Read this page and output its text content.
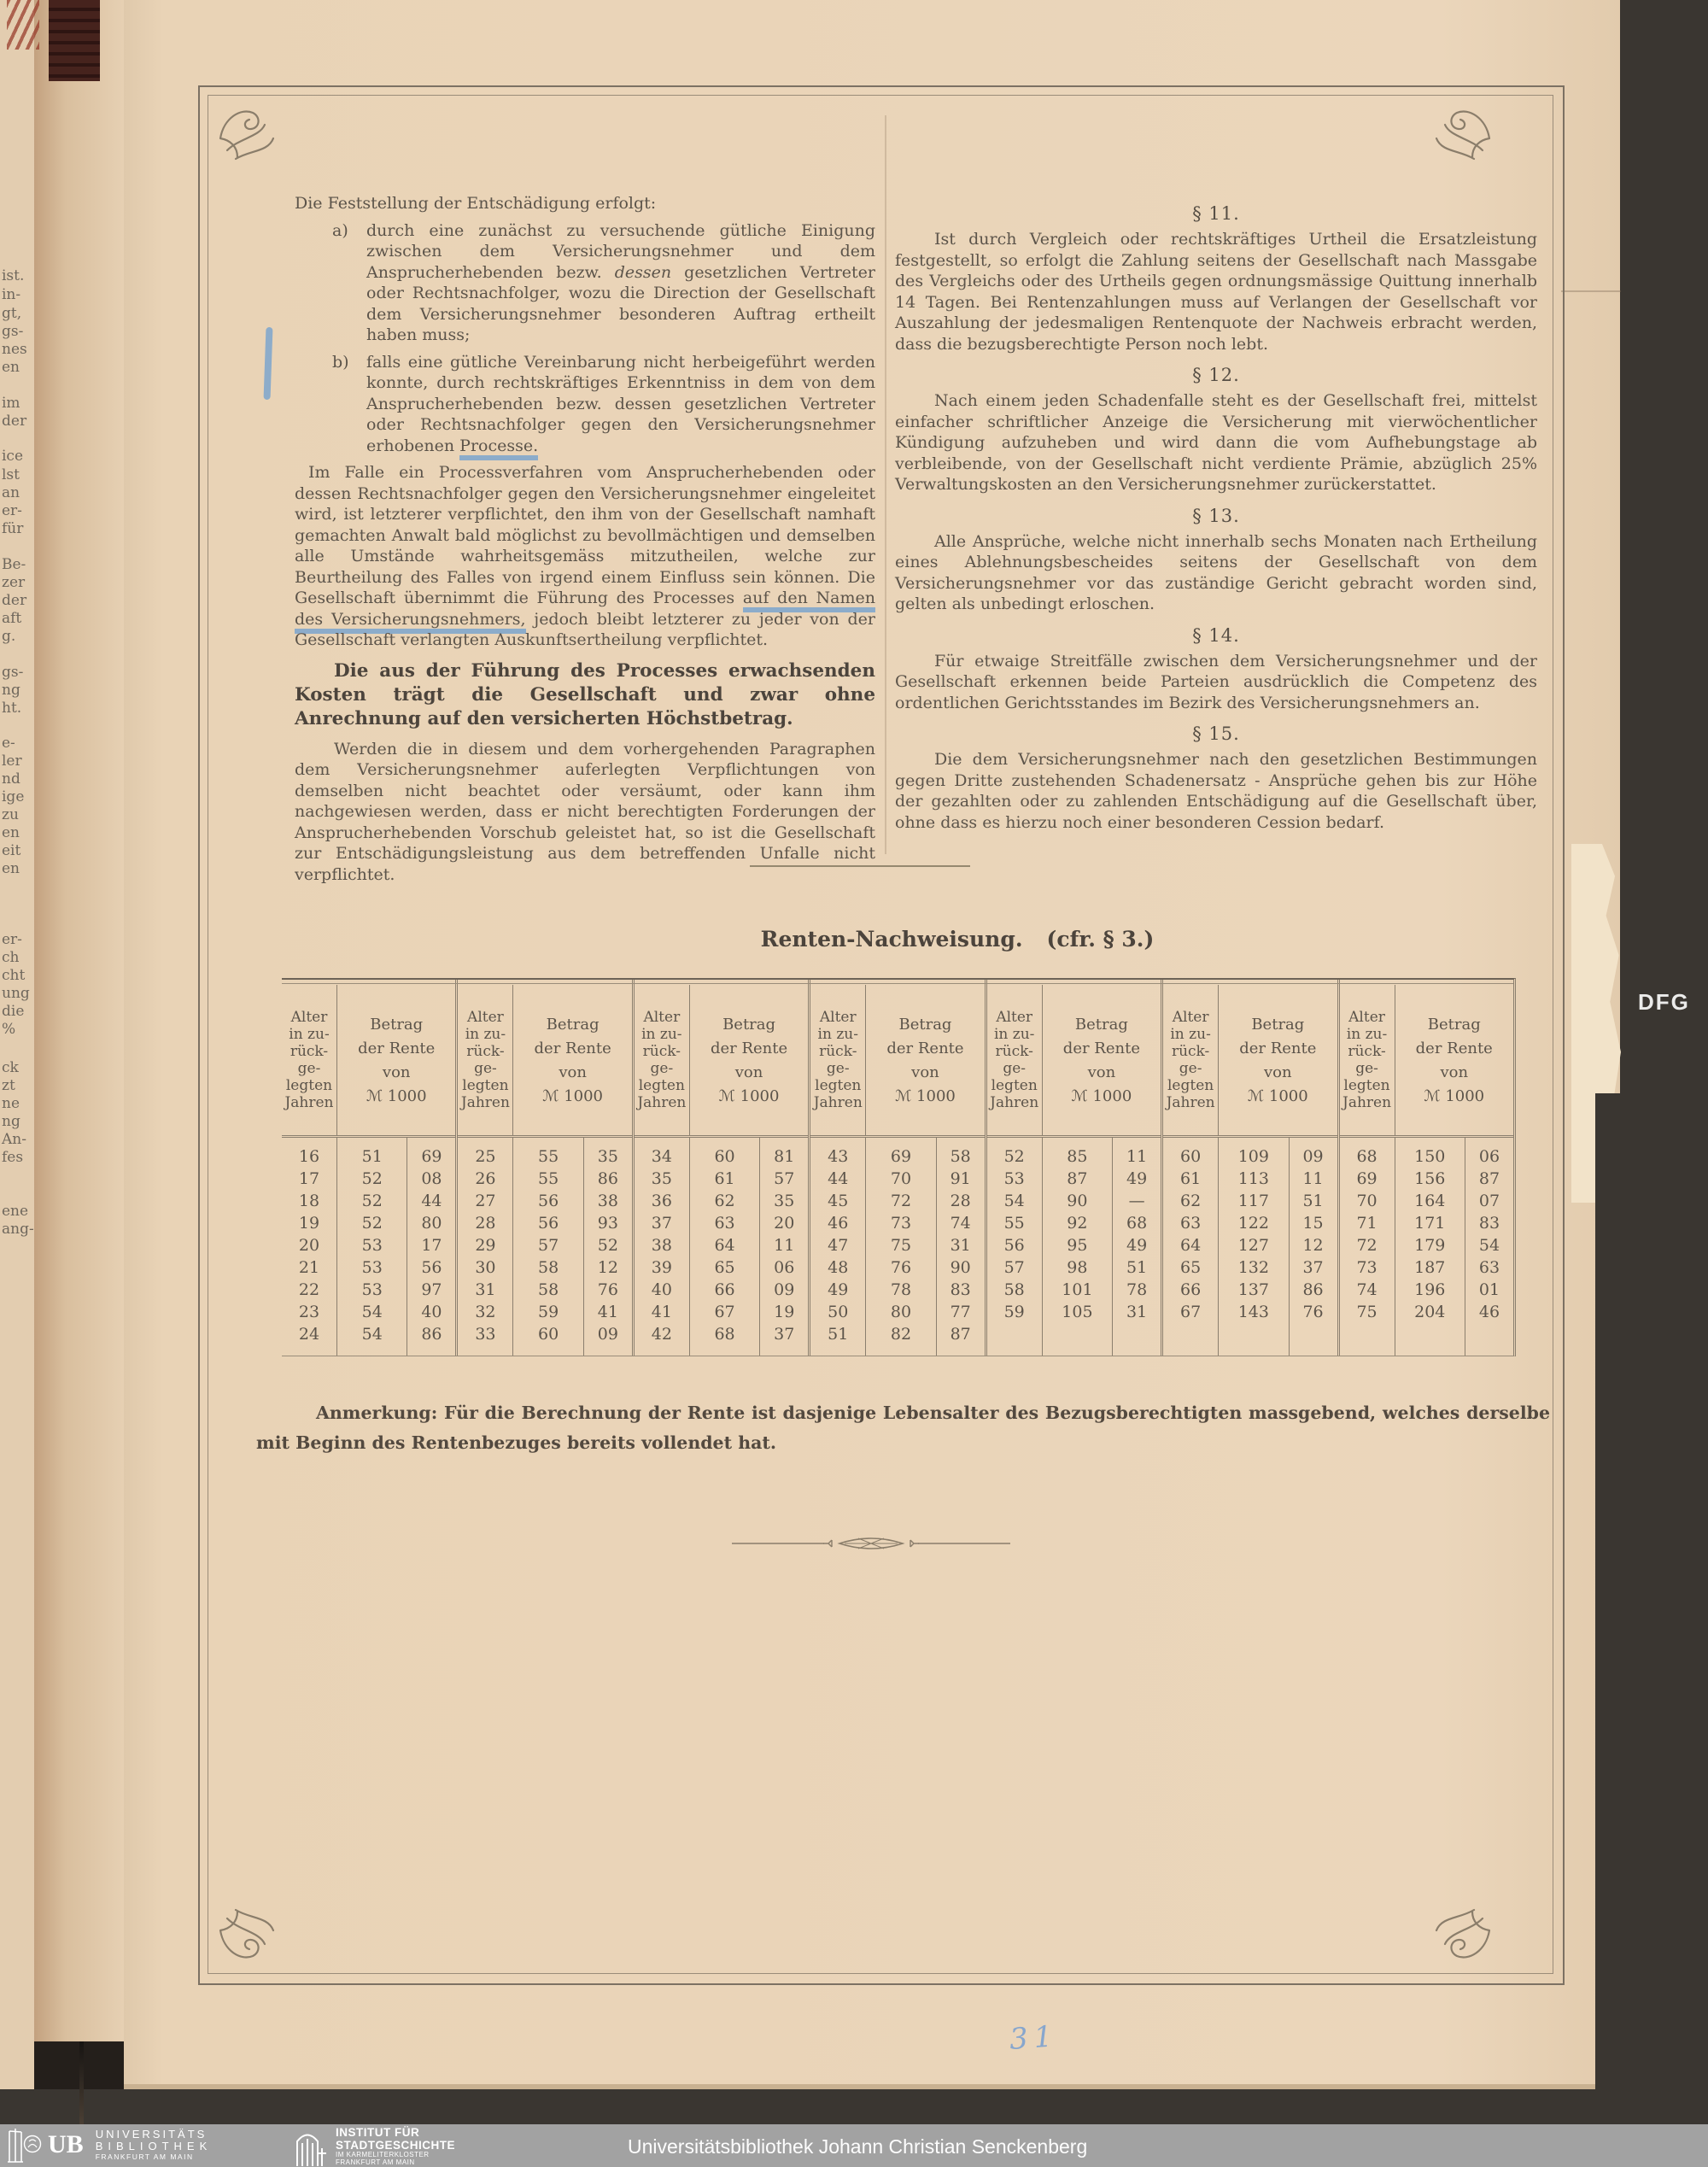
ist.
in-
gt,
gs-
nes
en
im
der
ice
lst
an
er-
für
Be-
zer
der
aft
g.
gs-
ng
ht.
e-
ler
nd
ige
zu
en
eit
en
er-
ch
cht
ung
die
%
ck
zt
ne
ng
An-
fes
ene
ang-

Die Feststellung der Entschädigung erfolgt:

a) durch eine zunächst zu versuchende gütliche Einigung zwischen dem Versicherungsnehmer und dem Ansprucherhebenden bezw. dessen gesetzlichen Vertreter oder Rechtsnachfolger, wozu die Direction der Gesellschaft dem Versicherungsnehmer besonderen Auftrag ertheilt haben muss;

b) falls eine gütliche Vereinbarung nicht herbeigeführt werden konnte, durch rechtskräftiges Erkenntniss in dem von dem Ansprucherhebenden bezw. dessen gesetzlichen Vertreter oder Rechtsnachfolger gegen den Versicherungsnehmer erhobenen Processe.

Im Falle ein Processverfahren vom Ansprucherhebenden oder dessen Rechtsnachfolger gegen den Versicherungsnehmer eingeleitet wird, ist letzterer verpflichtet, den ihm von der Gesellschaft namhaft gemachten Anwalt bald möglichst zu bevollmächtigen und demselben alle Umstände wahrheitsgemäss mitzutheilen, welche zur Beurtheilung des Falles von irgend einem Einfluss sein können. Die Gesellschaft übernimmt die Führung des Processes auf den Namen des Versicherungsnehmers, jedoch bleibt letzterer zu jeder von der Gesellschaft verlangten Auskunftsertheilung verpflichtet.

Die aus der Führung des Processes erwachsenden Kosten trägt die Gesellschaft und zwar ohne Anrechnung auf den versicherten Höchstbetrag.

Werden die in diesem und dem vorhergehenden Paragraphen dem Versicherungsnehmer auferlegten Verpflichtungen von demselben nicht beachtet oder versäumt, oder kann ihm nachgewiesen werden, dass er nicht berechtigten Forderungen der Ansprucherhebenden Vorschub geleistet hat, so ist die Gesellschaft zur Entschädigungsleistung aus dem betreffenden Unfalle nicht verpflichtet.

§ 11.

Ist durch Vergleich oder rechtskräftiges Urtheil die Ersatzleistung festgestellt, so erfolgt die Zahlung seitens der Gesellschaft nach Massgabe des Vergleichs oder des Urtheils gegen ordnungsmässige Quittung innerhalb 14 Tagen. Bei Rentenzahlungen muss auf Verlangen der Gesellschaft vor Auszahlung der jedesmaligen Rentenquote der Nachweis erbracht werden, dass die bezugsberechtigte Person noch lebt.

§ 12.

Nach einem jeden Schadenfalle steht es der Gesellschaft frei, mittelst einfacher schriftlicher Anzeige die Versicherung mit vierwöchentlicher Kündigung aufzuheben und wird dann die vom Aufhebungstage ab verbleibende, von der Gesellschaft nicht verdiente Prämie, abzüglich 25% Verwaltungskosten an den Versicherungsnehmer zurückerstattet.

§ 13.

Alle Ansprüche, welche nicht innerhalb sechs Monaten nach Ertheilung eines Ablehnungsbescheides seitens der Gesellschaft von dem Versicherungsnehmer vor das zuständige Gericht gebracht worden sind, gelten als unbedingt erloschen.

§ 14.

Für etwaige Streitfälle zwischen dem Versicherungsnehmer und der Gesellschaft erkennen beide Parteien ausdrücklich die Competenz des ordentlichen Gerichtsstandes im Bezirk des Versicherungsnehmers an.

§ 15.

Die dem Versicherungsnehmer nach den gesetzlichen Bestimmungen gegen Dritte zustehenden Schadenersatz - Ansprüche gehen bis zur Höhe der gezahlten oder zu zahlenden Entschädigung auf die Gesellschaft über, ohne dass es hierzu noch einer besonderen Cession bedarf.

Renten-Nachweisung. (cfr. § 3.)
Alter
in zu-
rück-
ge-
legten
Jahren
Betrag
der Rente
von
ℳ 1000
16	51	69
17	52	08
18	52	44
19	52	80
20	53	17
21	53	56
22	53	97
23	54	40
24	54	86
Alter
in zu-
rück-
ge-
legten
Jahren
Betrag
der Rente
von
ℳ 1000
25	55	35
26	55	86
27	56	38
28	56	93
29	57	52
30	58	12
31	58	76
32	59	41
33	60	09
Alter
in zu-
rück-
ge-
legten
Jahren
Betrag
der Rente
von
ℳ 1000
34	60	81
35	61	57
36	62	35
37	63	20
38	64	11
39	65	06
40	66	09
41	67	19
42	68	37
Alter
in zu-
rück-
ge-
legten
Jahren
Betrag
der Rente
von
ℳ 1000
43	69	58
44	70	91
45	72	28
46	73	74
47	75	31
48	76	90
49	78	83
50	80	77
51	82	87
Alter
in zu-
rück-
ge-
legten
Jahren
Betrag
der Rente
von
ℳ 1000
52	85	11
53	87	49
54	90	—
55	92	68
56	95	49
57	98	51
58	101	78
59	105	31
Alter
in zu-
rück-
ge-
legten
Jahren
Betrag
der Rente
von
ℳ 1000
60	109	09
61	113	11
62	117	51
63	122	15
64	127	12
65	132	37
66	137	86
67	143	76
Alter
in zu-
rück-
ge-
legten
Jahren
Betrag
der Rente
von
ℳ 1000
68	150	06
69	156	87
70	164	07
71	171	83
72	179	54
73	187	63
74	196	01
75	204	46

Anmerkung: Für die Berechnung der Rente ist dasjenige Lebensalter des Bezugsberechtigten massgebend, welches derselbe mit Beginn des Rentenbezuges bereits vollendet hat.

31
DFG
UB UNIVERSITÄTS
BIBLIOTHEK
FRANKFURT AM MAIN
INSTITUT FÜR
STADTGESCHICHTE
IM KARMELITERKLOSTER
FRANKFURT AM MAIN
Universitätsbibliothek Johann Christian Senckenberg
